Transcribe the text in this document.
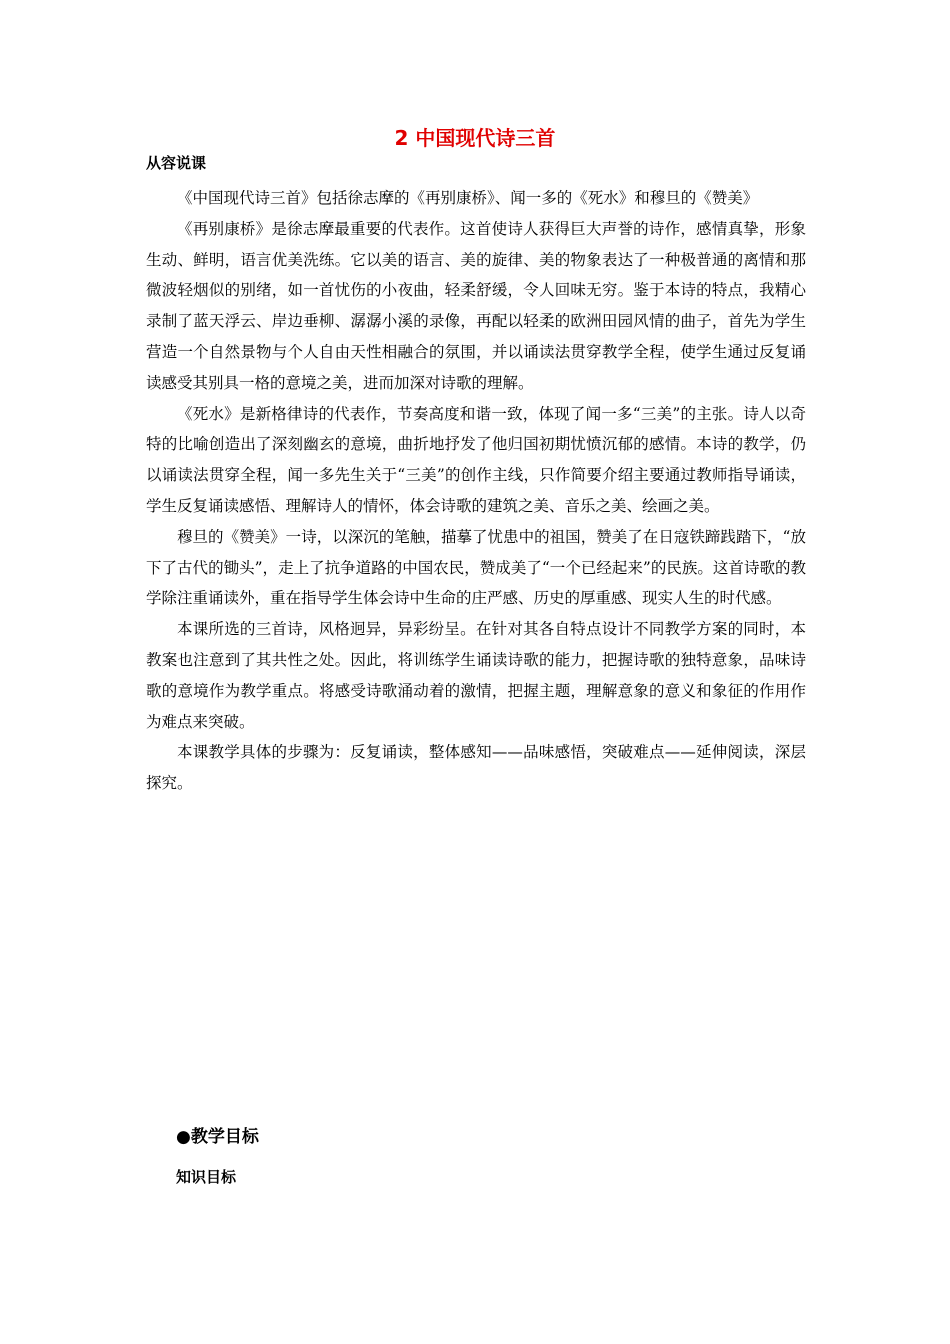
2 中国现代诗三首
从容说课

《中国现代诗三首》包括徐志摩的《再别康桥》、闻一多的《死水》和穆旦的《赞美》

《再别康桥》是徐志摩最重要的代表作。这首使诗人获得巨大声誉的诗作，感情真挚，形象生动、鲜明，语言优美洗练。它以美的语言、美的旋律、美的物象表达了一种极普通的离情和那微波轻烟似的别绪，如一首忧伤的小夜曲，轻柔舒缓，令人回味无穷。鉴于本诗的特点，我精心录制了蓝天浮云、岸边垂柳、潺潺小溪的录像，再配以轻柔的欧洲田园风情的曲子，首先为学生营造一个自然景物与个人自由天性相融合的氛围，并以诵读法贯穿教学全程，使学生通过反复诵读感受其别具一格的意境之美，进而加深对诗歌的理解。

《死水》是新格律诗的代表作，节奏高度和谐一致，体现了闻一多“三美”的主张。诗人以奇特的比喻创造出了深刻幽玄的意境，曲折地抒发了他归国初期忧愤沉郁的感情。本诗的教学，仍以诵读法贯穿全程，闻一多先生关于“三美”的创作主线，只作简要介绍主要通过教师指导诵读，学生反复诵读感悟、理解诗人的情怀，体会诗歌的建筑之美、音乐之美、绘画之美。

穆旦的《赞美》一诗，以深沉的笔触，描摹了忧患中的祖国，赞美了在日寇铁蹄践踏下，“放下了古代的锄头”，走上了抗争道路的中国农民，赞成美了“一个已经起来”的民族。这首诗歌的教学除注重诵读外，重在指导学生体会诗中生命的庄严感、历史的厚重感、现实人生的时代感。

本课所选的三首诗，风格迥异，异彩纷呈。在针对其各自特点设计不同教学方案的同时，本教案也注意到了其共性之处。因此，将训练学生诵读诗歌的能力，把握诗歌的独特意象，品味诗歌的意境作为教学重点。将感受诗歌涌动着的激情，把握主题，理解意象的意义和象征的作用作为难点来突破。

本课教学具体的步骤为：反复诵读，整体感知——品味感悟，突破难点——延伸阅读，深层探究。

●教学目标
知识目标
